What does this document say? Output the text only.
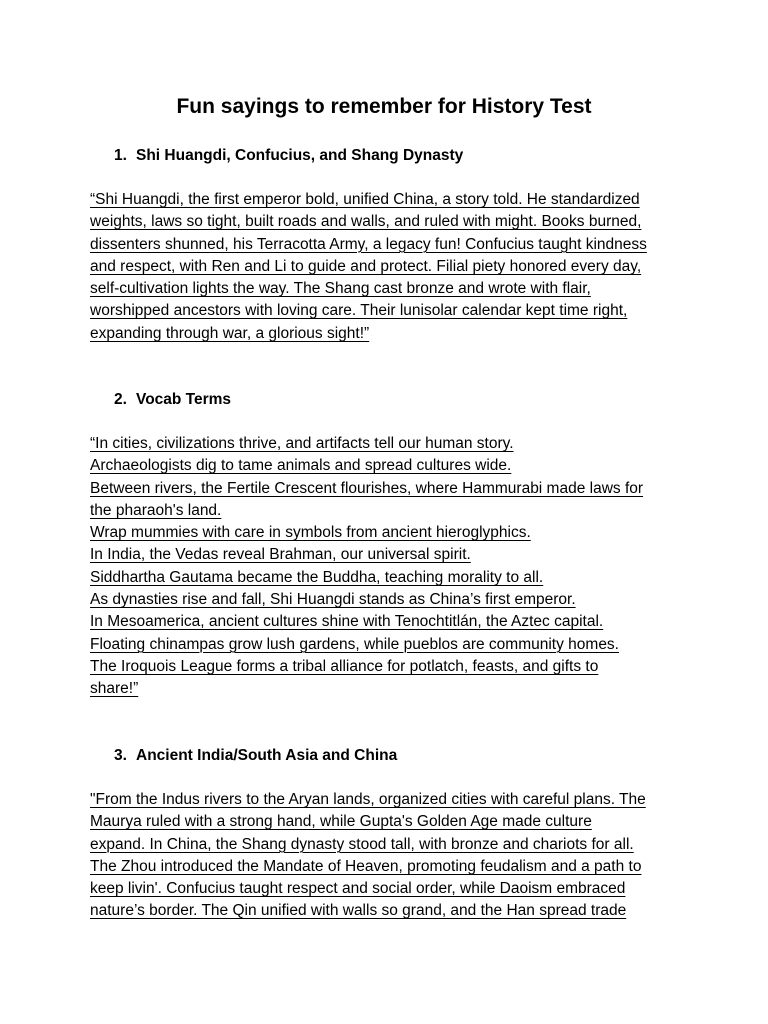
Fun sayings to remember for History Test
1. Shi Huangdi, Confucius, and Shang Dynasty
“Shi Huangdi, the first emperor bold, unified China, a story told. He standardized
weights, laws so tight, built roads and walls, and ruled with might. Books burned,
dissenters shunned, his Terracotta Army, a legacy fun! Confucius taught kindness
and respect, with Ren and Li to guide and protect. Filial piety honored every day,
self-cultivation lights the way. The Shang cast bronze and wrote with flair,
worshipped ancestors with loving care. Their lunisolar calendar kept time right,
expanding through war, a glorious sight!”
2. Vocab Terms
“In cities, civilizations thrive, and artifacts tell our human story.
Archaeologists dig to tame animals and spread cultures wide.
Between rivers, the Fertile Crescent flourishes, where Hammurabi made laws for
the pharaoh's land.
Wrap mummies with care in symbols from ancient hieroglyphics.
In India, the Vedas reveal Brahman, our universal spirit.
Siddhartha Gautama became the Buddha, teaching morality to all.
As dynasties rise and fall, Shi Huangdi stands as China’s first emperor.
In Mesoamerica, ancient cultures shine with Tenochtitlán, the Aztec capital.
Floating chinampas grow lush gardens, while pueblos are community homes.
The Iroquois League forms a tribal alliance for potlatch, feasts, and gifts to
share!”
3. Ancient India/South Asia and China
"From the Indus rivers to the Aryan lands, organized cities with careful plans. The
Maurya ruled with a strong hand, while Gupta's Golden Age made culture
expand. In China, the Shang dynasty stood tall, with bronze and chariots for all.
The Zhou introduced the Mandate of Heaven, promoting feudalism and a path to
keep livin'. Confucius taught respect and social order, while Daoism embraced
nature’s border. The Qin unified with walls so grand, and the Han spread trade
